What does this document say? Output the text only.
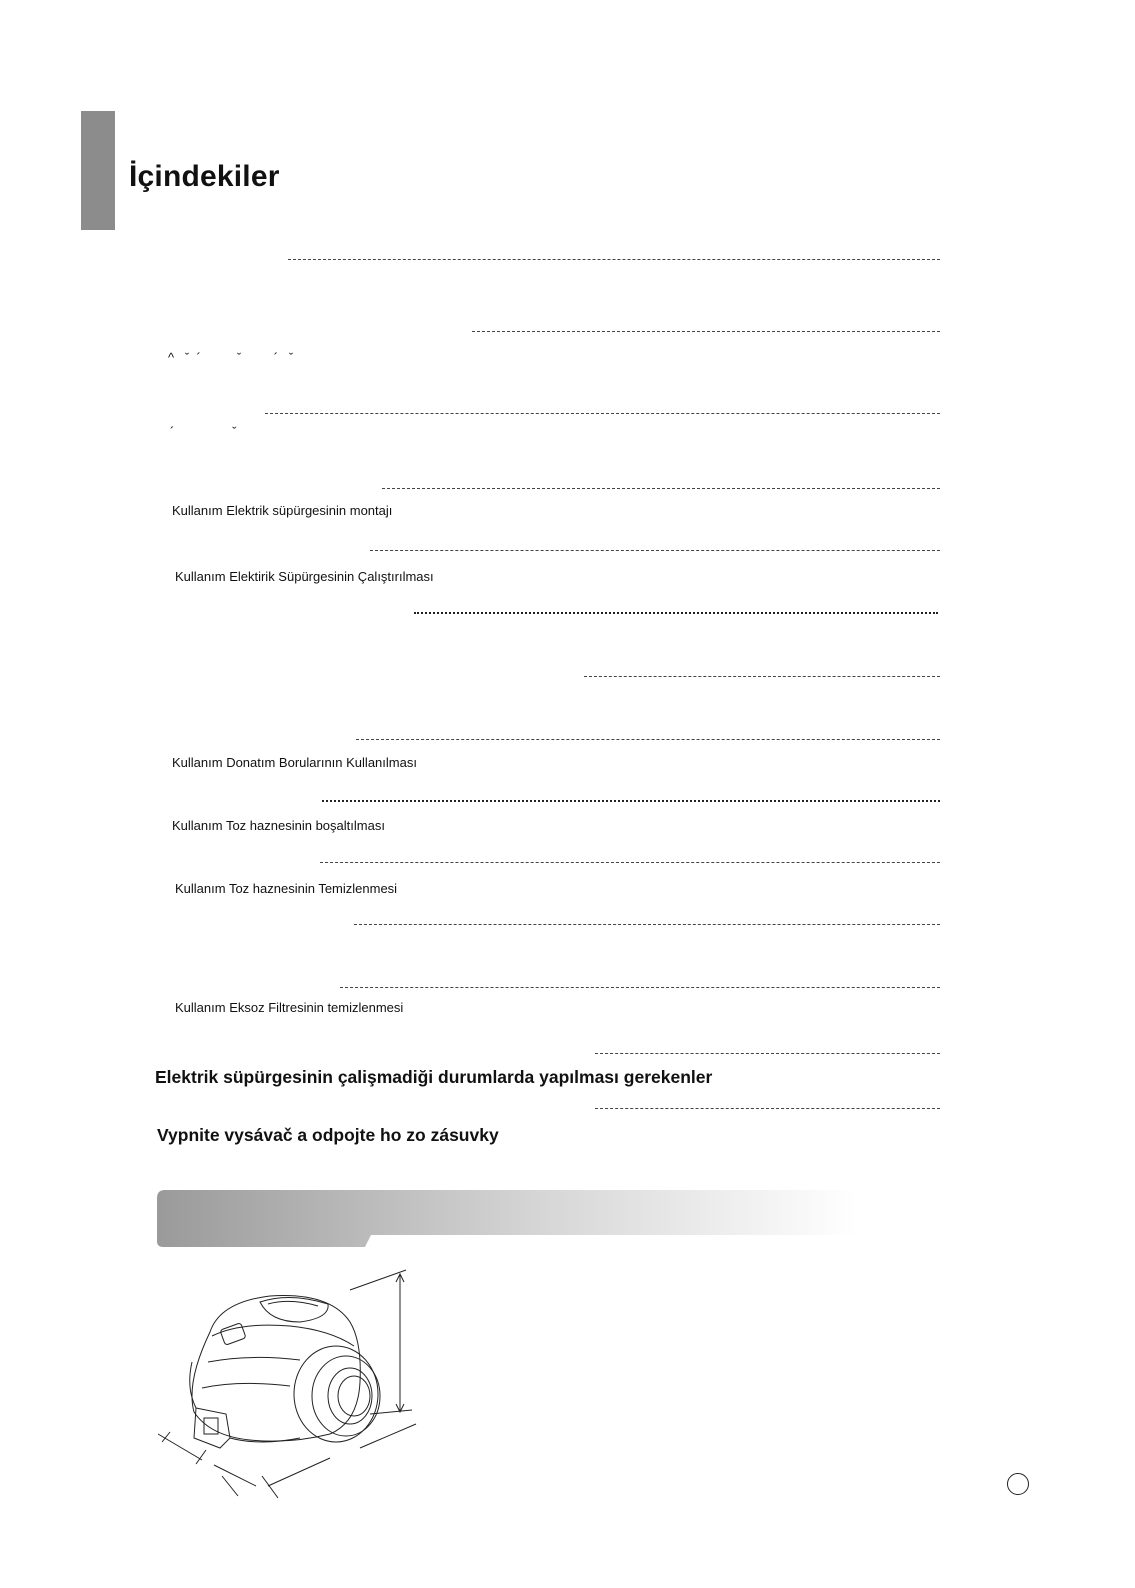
İçindekiler
^   ˇ  ´          ˇ         ´   ˇ
´                ˇ
Kullanım Elektrik süpürgesinin montajı
Kullanım Elektirik Süpürgesinin Çalıştırılması
Kullanım Donatım Borularının Kullanılması
Kullanım Toz haznesinin boşaltılması
Kullanım Toz haznesinin Temizlenmesi
Kullanım Eksoz Filtresinin temizlenmesi
Elektrik süpürgesinin çalişmadiği durumlarda yapılması gerekenler
Vypnite vysávač a odpojte ho zo zásuvky
